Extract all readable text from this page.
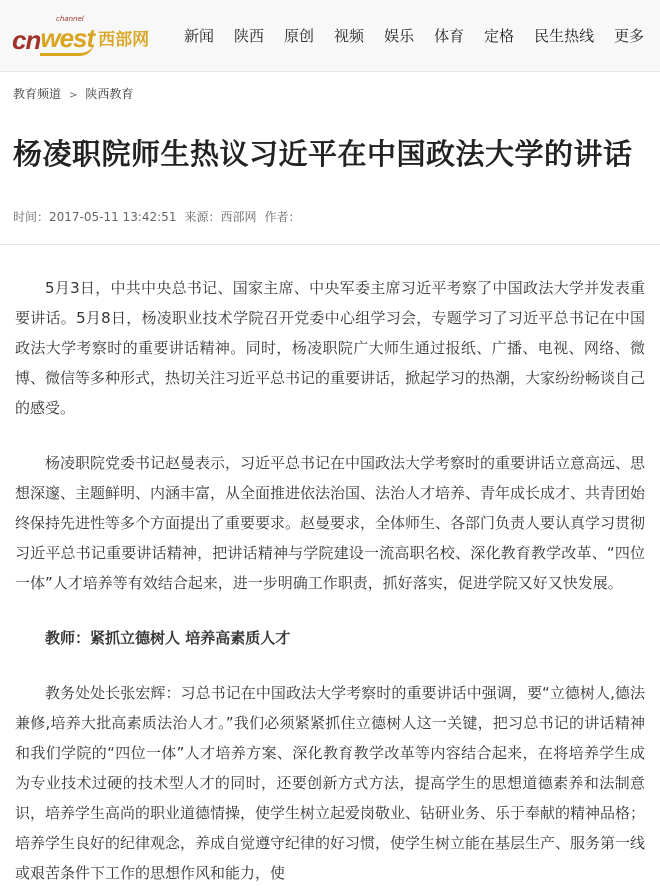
channel
cn west 西部网 新闻 陕西 原创 视频 娱乐 体育 定格 民生热线 更多
教育频道 > 陕西教育
杨凌职院师生热议习近平在中国政法大学的讲话
时间：2017-05-11 13:42:51 来源：西部网 作者：

5月3日，中共中央总书记、国家主席、中央军委主席习近平考察了中国政法大学并发表重要讲话。5月8日，杨凌职业技术学院召开党委中心组学习会，专题学习了习近平总书记在中国政法大学考察时的重要讲话精神。同时，杨凌职院广大师生通过报纸、广播、电视、网络、微博、微信等多种形式，热切关注习近平总书记的重要讲话，掀起学习的热潮，大家纷纷畅谈自己的感受。

杨凌职院党委书记赵曼表示，习近平总书记在中国政法大学考察时的重要讲话立意高远、思想深邃、主题鲜明、内涵丰富，从全面推进依法治国、法治人才培养、青年成长成才、共青团始终保持先进性等多个方面提出了重要要求。赵曼要求，全体师生、各部门负责人要认真学习贯彻习近平总书记重要讲话精神，把讲话精神与学院建设一流高职名校、深化教育教学改革、“四位一体”人才培养等有效结合起来，进一步明确工作职责，抓好落实，促进学院又好又快发展。

教师：紧抓立德树人 培养高素质人才

教务处处长张宏辉：习总书记在中国政法大学考察时的重要讲话中强调，要“立德树人,德法兼修,培养大批高素质法治人才。”我们必须紧紧抓住立德树人这一关键，把习总书记的讲话精神和我们学院的“四位一体”人才培养方案、深化教育教学改革等内容结合起来，在将培养学生成为专业技术过硬的技术型人才的同时，还要创新方式方法，提高学生的思想道德素养和法制意识，培养学生高尚的职业道德情操，使学生树立起爱岗敬业、钻研业务、乐于奉献的精神品格；培养学生良好的纪律观念，养成自觉遵守纪律的好习惯，使学生树立能在基层生产、服务第一线或艰苦条件下工作的思想作风和能力，使
